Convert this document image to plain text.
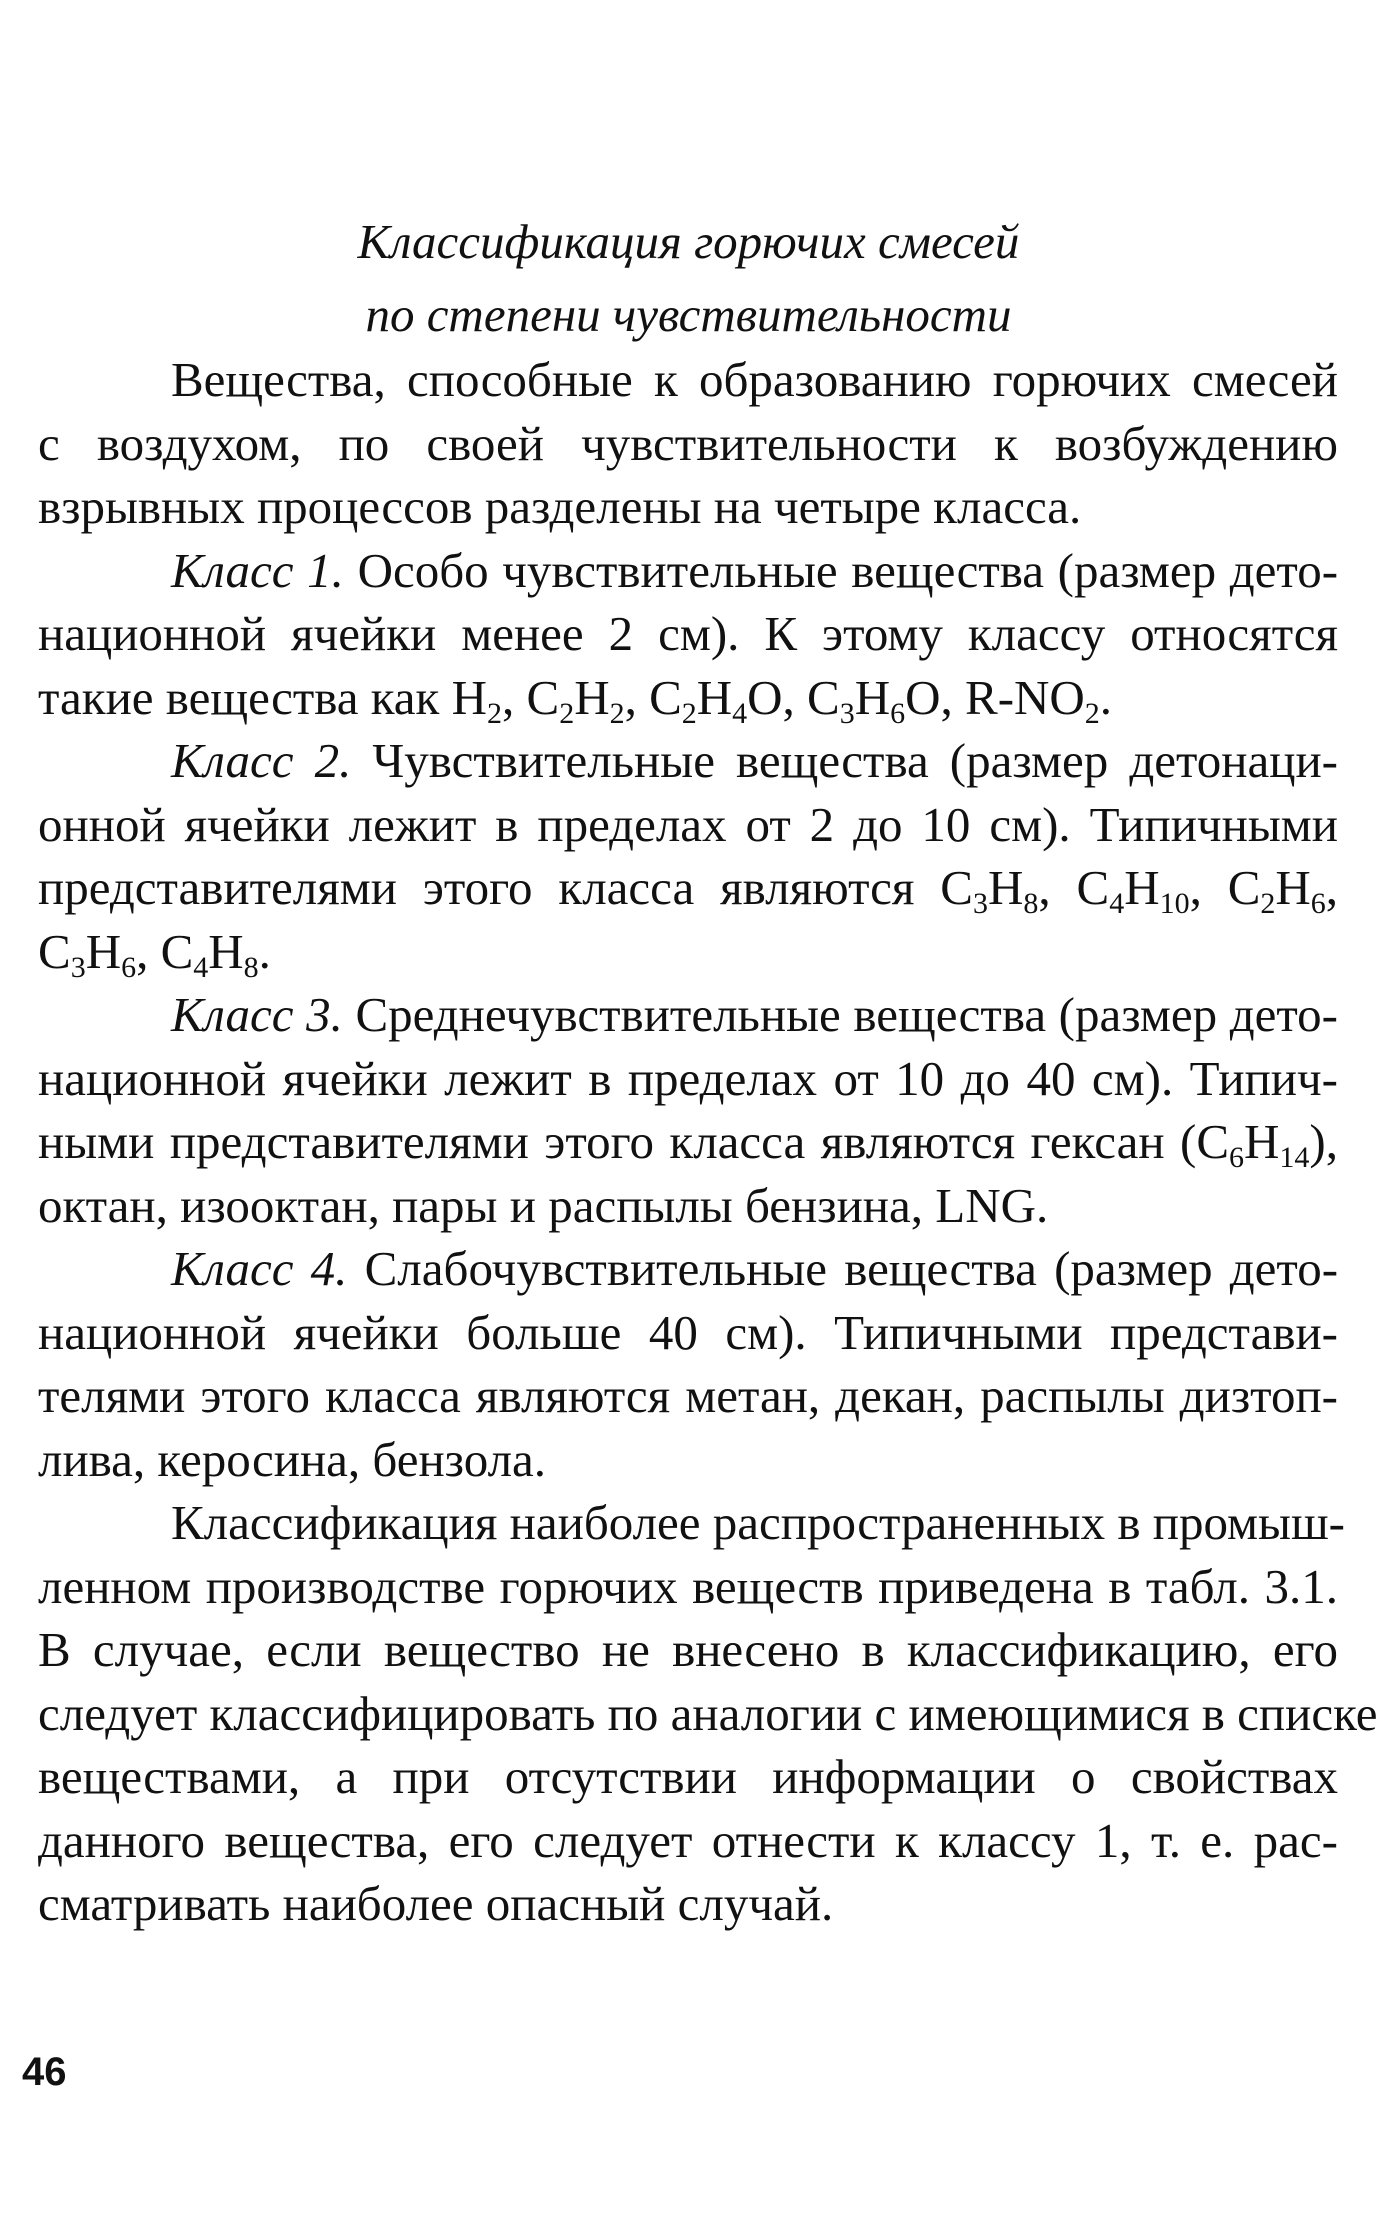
Классификация горючих смесей
по степени чувствительности
Вещества, способные к образованию горючих смесей
с воздухом, по своей чувствительности к возбуждению
взрывных процессов разделены на четыре класса.
Класс 1. Особо чувствительные вещества (размер дето-
национной ячейки менее 2 см). К этому классу относятся
такие вещества как $H_2$, $C_2H_2$, $C_2H_4O$, $C_3H_6O$, $R-NO_2$.
Класс 2. Чувствительные вещества (размер детонаци-
онной ячейки лежит в пределах от 2 до 10 см). Типичными
представителями этого класса являются $C_3H_8$, $C_4H_{10}$, $C_2H_6$,
$C_3H_6$, $C_4H_8$.
Класс 3. Среднечувствительные вещества (размер дето-
национной ячейки лежит в пределах от 10 до 40 см). Типич-
ными представителями этого класса являются гексан $(C_6H_{14})$,
октан, изооктан, пары и распылы бензина, LNG.
Класс 4. Слабочувствительные вещества (размер дето-
национной ячейки больше 40 см). Типичными представи-
телями этого класса являются метан, декан, распылы дизтоп-
лива, керосина, бензола.
Классификация наиболее распространенных в промыш-
ленном производстве горючих веществ приведена в табл. 3.1.
В случае, если вещество не внесено в классификацию, его
следует классифицировать по аналогии с имеющимися в списке
веществами, а при отсутствии информации о свойствах
данного вещества, его следует отнести к классу 1, т. е. рас-
сматривать наиболее опасный случай.
46
